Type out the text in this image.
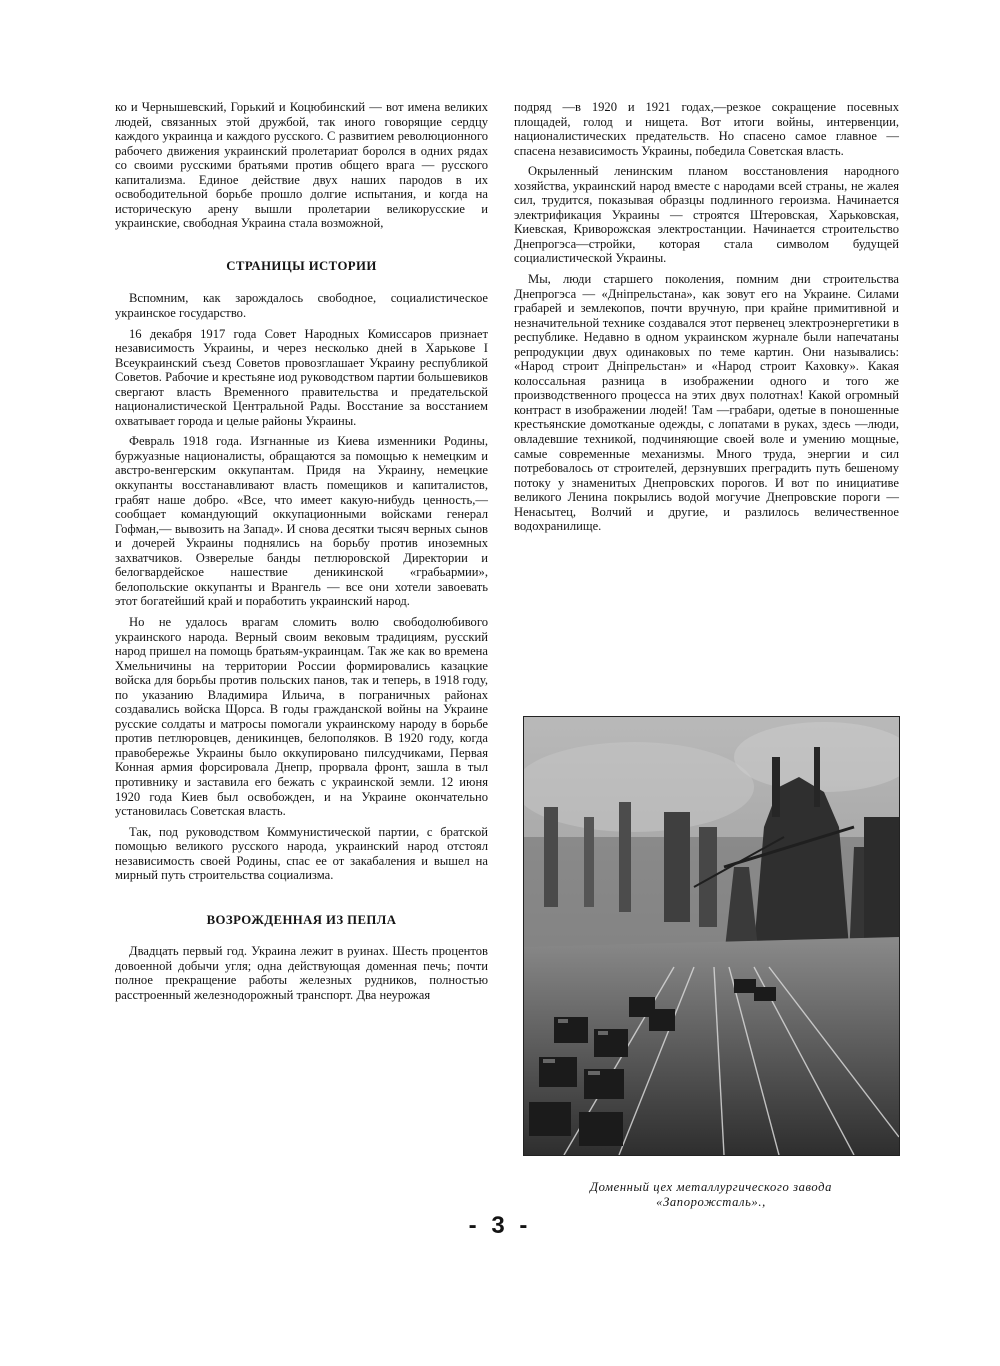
ко и Чернышевский, Горький и Коцюбинский — вот имена великих людей, связанных этой дружбой, так иного говорящие сердцу каждого украинца и каждого русского. С развитием революционного рабочего движения украинский пролетариат боролся в одних рядах со своими русскими братьями против общего врага — русского капитализма. Единое действие двух наших пародов в их освободительной борьбе прошло долгие испытания, и когда на историческую арену вышли пролетарии великорусские и украинские, свободная Украина стала возможной,

СТРАНИЦЫ ИСТОРИИ

Вспомним, как зарождалось свободное, социалистическое украинское государство.

16 декабря 1917 года Совет Народных Комиссаров признает независимость Украины, и через несколько дней в Харькове I Всеукраинский съезд Советов провозглашает Украину республикой Советов. Рабочие и крестьяне иод руководством партии большевиков свергают власть Временного правительства и предательской националистической Центральной Рады. Восстание за восстанием охватывает города и целые районы Украины.

Февраль 1918 года. Изгнанные из Киева изменники Родины, буржуазные националисты, обращаются за помощью к немецким и австро-венгерским оккупантам. Придя на Украину, немецкие оккупанты восстанавливают власть помещиков и капиталистов, грабят наше добро. «Все, что имеет какую-нибудь ценность,— сообщает командующий оккупационными войсками генерал Гофман,— вывозить на Запад». И снова десятки тысяч верных сынов и дочерей Украины поднялись на борьбу против иноземных захватчиков. Озверелые банды петлюровской Директории и белогвардейское нашествие деникинской «грабьармии», белопольские оккупанты и Врангель — все они хотели завоевать этот богатейший край и поработить украинский народ.

Но не удалось врагам сломить волю свободолюбивого украинского народа. Верный своим вековым традициям, русский народ пришел на помощь братьям-украинцам. Так же как во времена Хмельничины на территории России формировались казацкие войска для борьбы против польских панов, так и теперь, в 1918 году, по указанию Владимира Ильича, в пограничных районах создавались войска Щорса. В годы гражданской войны на Украине русские солдаты и матросы помогали украинскому народу в борьбе против петлюровцев, деникинцев, белополяков. В 1920 году, когда правобережье Украины было оккупировано пилсудчиками, Первая Конная армия форсировала Днепр, прорвала фронт, зашла в тыл противнику и заставила его бежать с украинской земли. 12 июня 1920 года Киев был освобожден, и на Украине окончательно установилась Советская власть.

Так, под руководством Коммунистической партии, с братской помощью великого русского народа, украинский народ отстоял независимость своей Родины, спас ее от закабаления и вышел на мирный путь строительства социализма.

ВОЗРОЖДЕННАЯ ИЗ ПЕПЛА

Двадцать первый год. Украина лежит в руинах. Шесть процентов довоенной добычи угля; одна действующая доменная печь; почти полное прекращение работы железных рудников, полностью расстроенный железнодорожный транспорт. Два неурожая

подряд —в 1920 и 1921 годах,—резкое сокращение посевных площадей, голод и нищета. Вот итоги войны, интервенции, националистических предательств. Но спасено самое главное — спасена независимость Украины, победила Советская власть.

Окрыленный ленинским планом восстановления народного хозяйства, украинский народ вместе с народами всей страны, не жалея сил, трудится, показывая образцы подлинного героизма. Начинается электрификация Украины — строятся Штеровская, Харьковская, Киевская, Криворожская электростанции. Начинается строительство Днепрогэса—стройки, которая стала символом будущей социалистической Украины.

Мы, люди старшего поколения, помним дни строительства Днепрогэса — «Дніпрельстана», как зовут его на Украине. Силами грабарей и землекопов, почти вручную, при крайне примитивной и незначительной технике создавался этот первенец электроэнергетики в республике. Недавно в одном украинском журнале были напечатаны репродукции двух одинаковых по теме картин. Они назывались: «Народ строит Дніпрельстан» и «Народ строит Каховку». Какая колоссальная разница в изображении одного и того же производственного процесса на этих двух полотнах! Какой огромный контраст в изображении людей! Там —грабари, одетые в поношенные крестьянские домотканые одежды, с лопатами в руках, здесь —люди, овладевшие техникой, подчиняющие своей воле и умению мощные, самые современные механизмы. Много труда, энергии и сил потребовалось от строителей, дерзнувших преградить путь бешеному потоку у знаменитых Днепровских порогов. И вот по инициативе великого Ленина покрылись водой могучие Днепровские пороги — Ненасытец, Волчий и другие, и разлилось величественное водохранилище.

Доменный цех металлургического завода
«Запорожсталь».,
- 3 -
